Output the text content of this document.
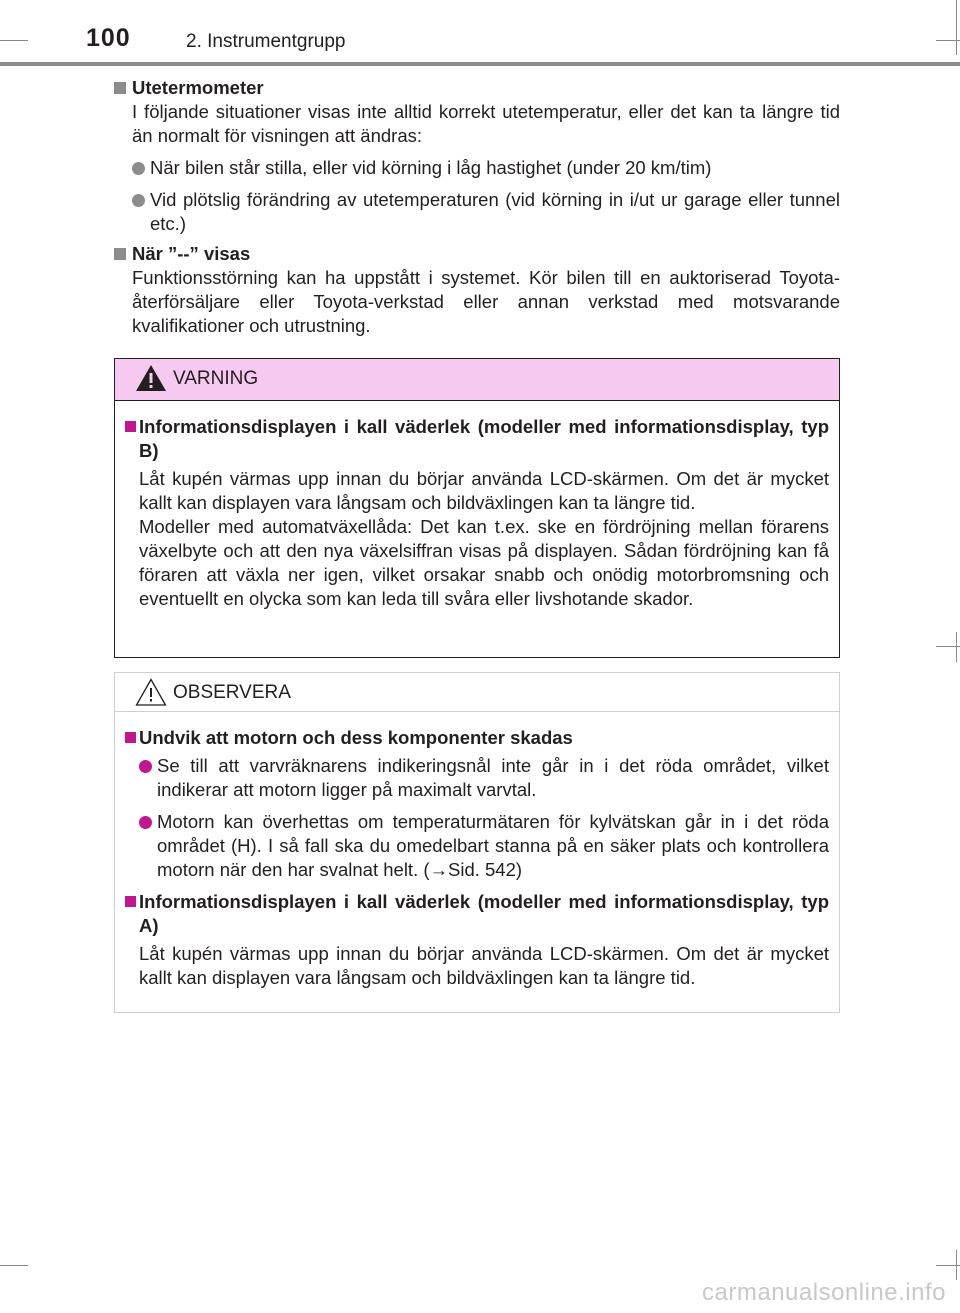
100	2. Instrumentgrupp
Utetermometer
I följande situationer visas inte alltid korrekt utetemperatur, eller det kan ta längre tid än normalt för visningen att ändras:
När bilen står stilla, eller vid körning i låg hastighet (under 20 km/tim)
Vid plötslig förändring av utetemperaturen (vid körning in i/ut ur garage eller tunnel etc.)
När ”--” visas
Funktionsstörning kan ha uppstått i systemet. Kör bilen till en auktoriserad Toyota-återförsäljare eller Toyota-verkstad eller annan verkstad med motsvarande kvalifikationer och utrustning.
VARNING
Informationsdisplayen i kall väderlek (modeller med informationsdisplay, typ B)
Låt kupén värmas upp innan du börjar använda LCD-skärmen. Om det är mycket kallt kan displayen vara långsam och bildväxlingen kan ta längre tid.
Modeller med automatväxellåda: Det kan t.ex. ske en fördröjning mellan förarens växelbyte och att den nya växelsiffran visas på displayen. Sådan fördröjning kan få föraren att växla ner igen, vilket orsakar snabb och onödig motorbromsning och eventuellt en olycka som kan leda till svåra eller livshotande skador.
OBSERVERA
Undvik att motorn och dess komponenter skadas
Se till att varvräknarens indikeringsnål inte går in i det röda området, vilket indikerar att motorn ligger på maximalt varvtal.
Motorn kan överhettas om temperaturmätaren för kylvätskan går in i det röda området (H). I så fall ska du omedelbart stanna på en säker plats och kontrollera motorn när den har svalnat helt. (→Sid. 542)
Informationsdisplayen i kall väderlek (modeller med informationsdisplay, typ A)
Låt kupén värmas upp innan du börjar använda LCD-skärmen. Om det är mycket kallt kan displayen vara långsam och bildväxlingen kan ta längre tid.
carmanualsonline.info
